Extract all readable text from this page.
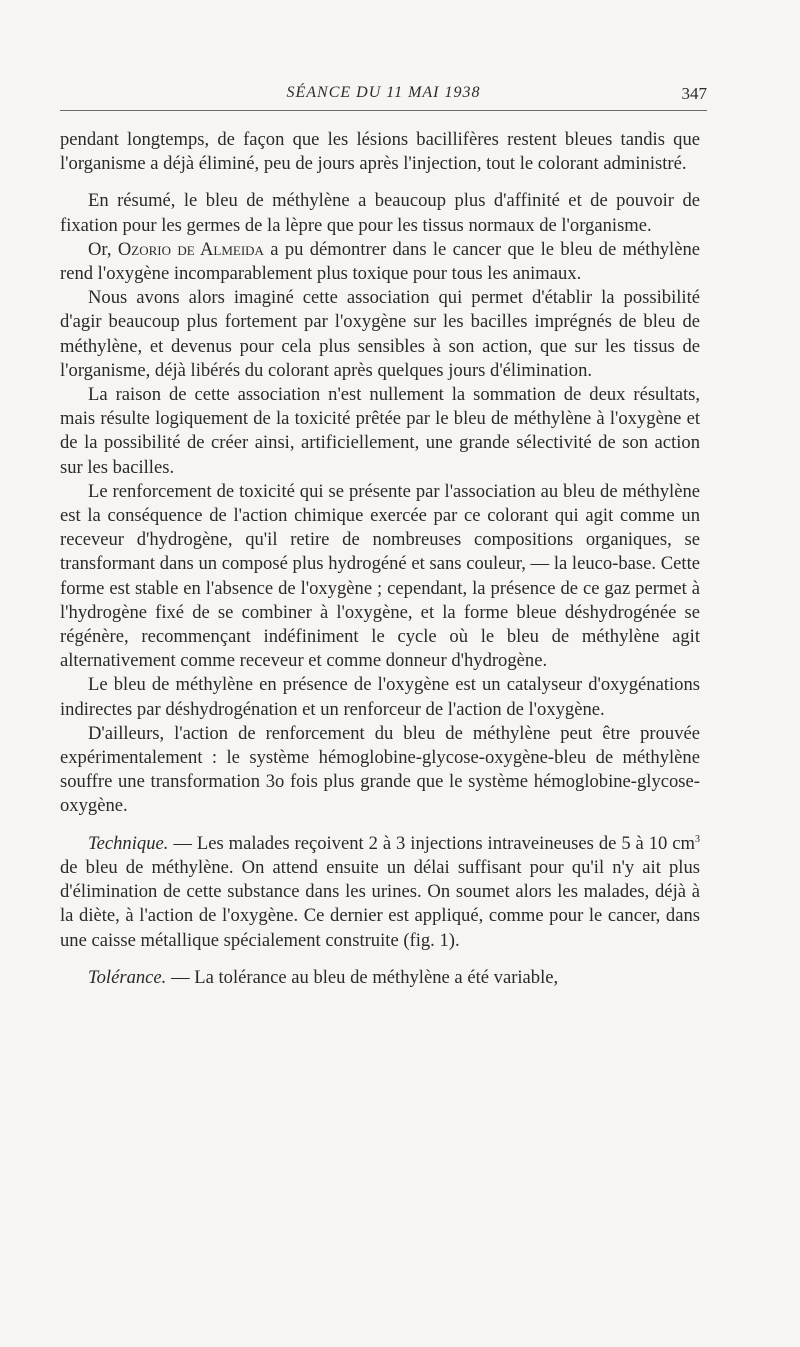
SÉANCE DU 11 MAI 1938	347

pendant longtemps, de façon que les lésions bacillifères restent bleues tandis que l'organisme a déjà éliminé, peu de jours après l'injection, tout le colorant administré.

En résumé, le bleu de méthylène a beaucoup plus d'affinité et de pouvoir de fixation pour les germes de la lèpre que pour les tissus normaux de l'organisme.

Or, Ozorio de Almeida a pu démontrer dans le cancer que le bleu de méthylène rend l'oxygène incomparablement plus toxique pour tous les animaux.

Nous avons alors imaginé cette association qui permet d'établir la possibilité d'agir beaucoup plus fortement par l'oxygène sur les bacilles imprégnés de bleu de méthylène, et devenus pour cela plus sensibles à son action, que sur les tissus de l'organisme, déjà libérés du colorant après quelques jours d'élimination.

La raison de cette association n'est nullement la sommation de deux résultats, mais résulte logiquement de la toxicité prêtée par le bleu de méthylène à l'oxygène et de la possibilité de créer ainsi, artificiellement, une grande sélectivité de son action sur les bacilles.

Le renforcement de toxicité qui se présente par l'association au bleu de méthylène est la conséquence de l'action chimique exercée par ce colorant qui agit comme un receveur d'hydrogène, qu'il retire de nombreuses compositions organiques, se transformant dans un composé plus hydrogéné et sans couleur, — la leuco-base. Cette forme est stable en l'absence de l'oxygène ; cependant, la présence de ce gaz permet à l'hydrogène fixé de se combiner à l'oxygène, et la forme bleue déshydrogénée se régénère, recommençant indéfiniment le cycle où le bleu de méthylène agit alternativement comme receveur et comme donneur d'hydrogène.

Le bleu de méthylène en présence de l'oxygène est un catalyseur d'oxygénations indirectes par déshydrogénation et un renforceur de l'action de l'oxygène.

D'ailleurs, l'action de renforcement du bleu de méthylène peut être prouvée expérimentalement : le système hémoglobine-glycose-oxygène-bleu de méthylène souffre une transformation 3o fois plus grande que le système hémoglobine-glycose-oxygène.

Technique. — Les malades reçoivent 2 à 3 injections intraveineuses de 5 à 10 $cm^3$ de bleu de méthylène. On attend ensuite un délai suffisant pour qu'il n'y ait plus d'élimination de cette substance dans les urines. On soumet alors les malades, déjà à la diète, à l'action de l'oxygène. Ce dernier est appliqué, comme pour le cancer, dans une caisse métallique spécialement construite (fig. 1).

Tolérance. — La tolérance au bleu de méthylène a été variable,
